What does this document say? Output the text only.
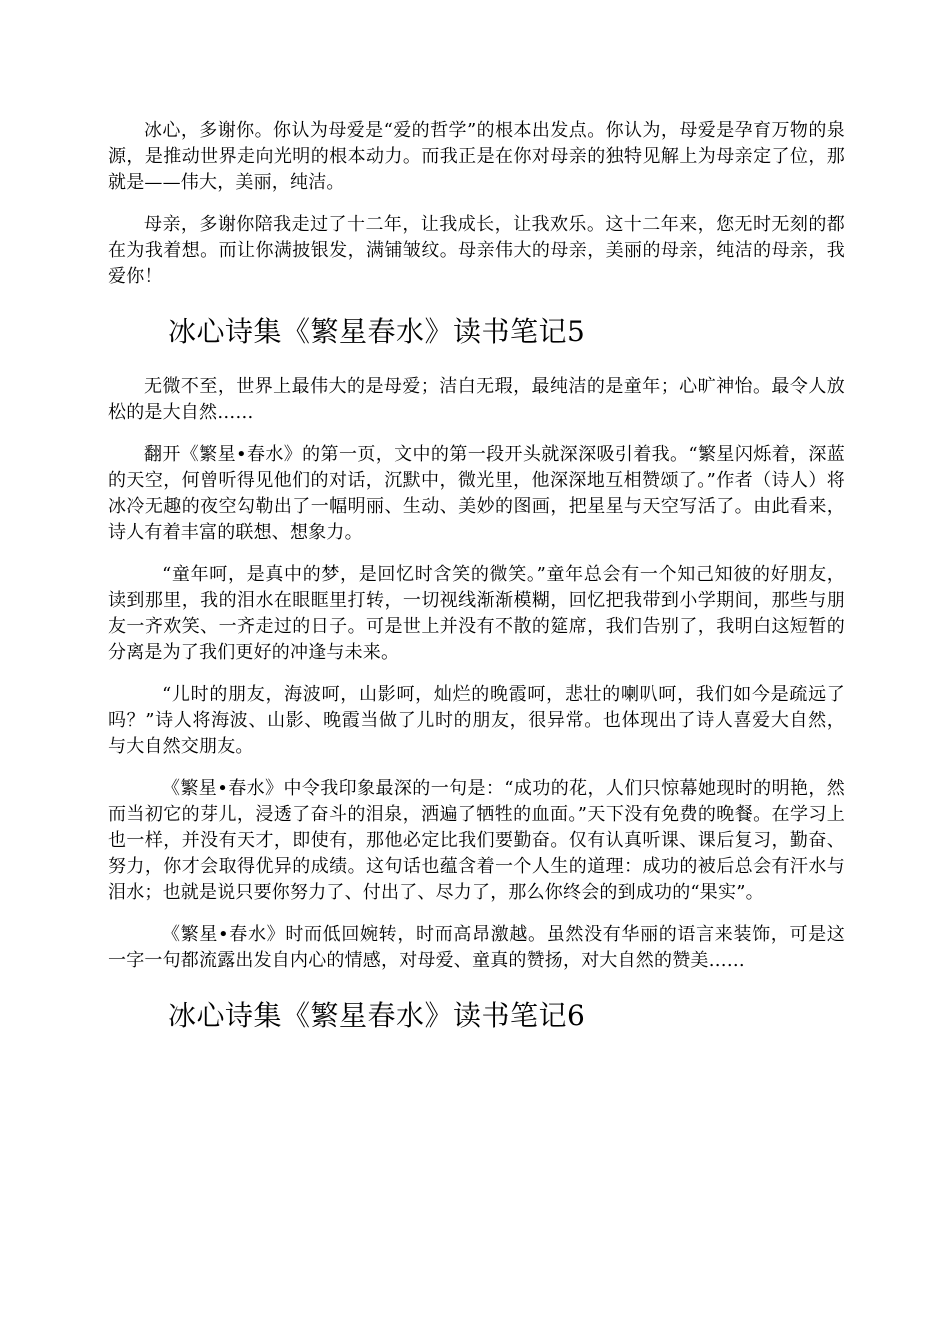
冰心，多谢你。你认为母爱是“爱的哲学”的根本出发点。你认为，母爱是孕育万物的泉源，是推动世界走向光明的根本动力。而我正是在你对母亲的独特见解上为母亲定了位，那就是——伟大，美丽，纯洁。

母亲，多谢你陪我走过了十二年，让我成长，让我欢乐。这十二年来，您无时无刻的都在为我着想。而让你满披银发，满铺皱纹。母亲伟大的母亲，美丽的母亲，纯洁的母亲，我爱你！

冰心诗集《繁星春水》读书笔记5

无微不至，世界上最伟大的是母爱；洁白无瑕，最纯洁的是童年；心旷神怡。最令人放松的是大自然……

翻开《繁星•春水》的第一页，文中的第一段开头就深深吸引着我。“繁星闪烁着，深蓝的天空，何曾听得见他们的对话，沉默中，微光里，他深深地互相赞颂了。”作者（诗人）将冰冷无趣的夜空勾勒出了一幅明丽、生动、美妙的图画，把星星与天空写活了。由此看来，诗人有着丰富的联想、想象力。

“童年呵，是真中的梦，是回忆时含笑的微笑。”童年总会有一个知己知彼的好朋友，读到那里，我的泪水在眼眶里打转，一切视线渐渐模糊，回忆把我带到小学期间，那些与朋友一齐欢笑、一齐走过的日子。可是世上并没有不散的筵席，我们告别了，我明白这短暂的分离是为了我们更好的冲逢与未来。

“儿时的朋友，海波呵，山影呵，灿烂的晚霞呵，悲壮的喇叭呵，我们如今是疏远了吗？”诗人将海波、山影、晚霞当做了儿时的朋友，很异常。也体现出了诗人喜爱大自然，与大自然交朋友。

《繁星•春水》中令我印象最深的一句是：“成功的花，人们只惊幕她现时的明艳，然而当初它的芽儿，浸透了奋斗的泪泉，洒遍了牺牲的血面。”天下没有免费的晚餐。在学习上也一样，并没有天才，即使有，那他必定比我们要勤奋。仅有认真听课、课后复习，勤奋、努力，你才会取得优异的成绩。这句话也蕴含着一个人生的道理：成功的被后总会有汗水与泪水；也就是说只要你努力了、付出了、尽力了，那么你终会的到成功的“果实”。

《繁星•春水》时而低回婉转，时而高昂激越。虽然没有华丽的语言来装饰，可是这一字一句都流露出发自内心的情感，对母爱、童真的赞扬，对大自然的赞美……

冰心诗集《繁星春水》读书笔记6
